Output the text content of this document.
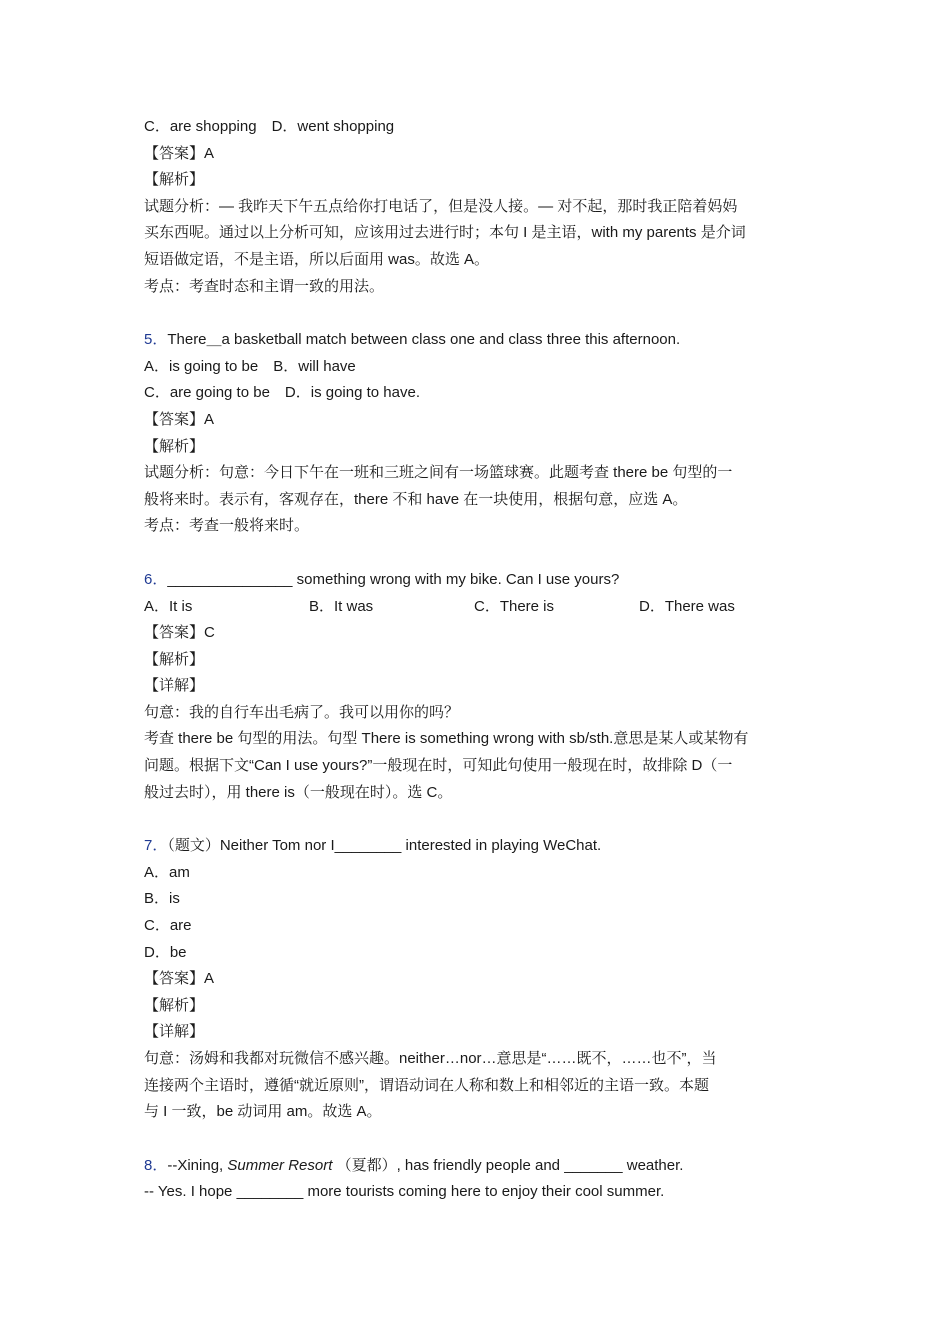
C．are shopping　D．went shopping
【答案】A
【解析】
试题分析：— 我昨天下午五点给你打电话了，但是没人接。— 对不起，那时我正陪着妈妈
买东西呢。通过以上分析可知，应该用过去进行时；本句 I 是主语，with my parents 是介词
短语做定语，不是主语，所以后面用 was。故选 A。
考点：考查时态和主谓一致的用法。
5．There＿a basketball match between class one and class three this afternoon.
A．is going to be　B．will have
C．are going to be　D．is going to have.
【答案】A
【解析】
试题分析：句意：今日下午在一班和三班之间有一场篮球赛。此题考查 there be 句型的一
般将来时。表示有，客观存在，there 不和 have 在一块使用，根据句意，应选 A。
考点：考查一般将来时。
6．_______________ something wrong with my bike. Can I use yours?
A．It is	B．It was	C．There is	D．There was
【答案】C
【解析】
【详解】
句意：我的自行车出毛病了。我可以用你的吗？
考查 there be 句型的用法。句型 There is something wrong with sb/sth.意思是某人或某物有
问题。根据下文“Can I use yours?”一般现在时，可知此句使用一般现在时，故排除 D（一
般过去时），用 there is（一般现在时）。选 C。
7．（题文）Neither Tom nor I________ interested in playing WeChat.
A．am
B．is
C．are
D．be
【答案】A
【解析】
【详解】
句意：汤姆和我都对玩微信不感兴趣。neither…nor…意思是“……既不，……也不”，当
连接两个主语时，遵循“就近原则”，谓语动词在人称和数上和相邻近的主语一致。本题
与 I 一致，be 动词用 am。故选 A。
8．--Xining, Summer Resort （夏都）, has friendly people and _______ weather.
-- Yes. I hope ________ more tourists coming here to enjoy their cool summer.
